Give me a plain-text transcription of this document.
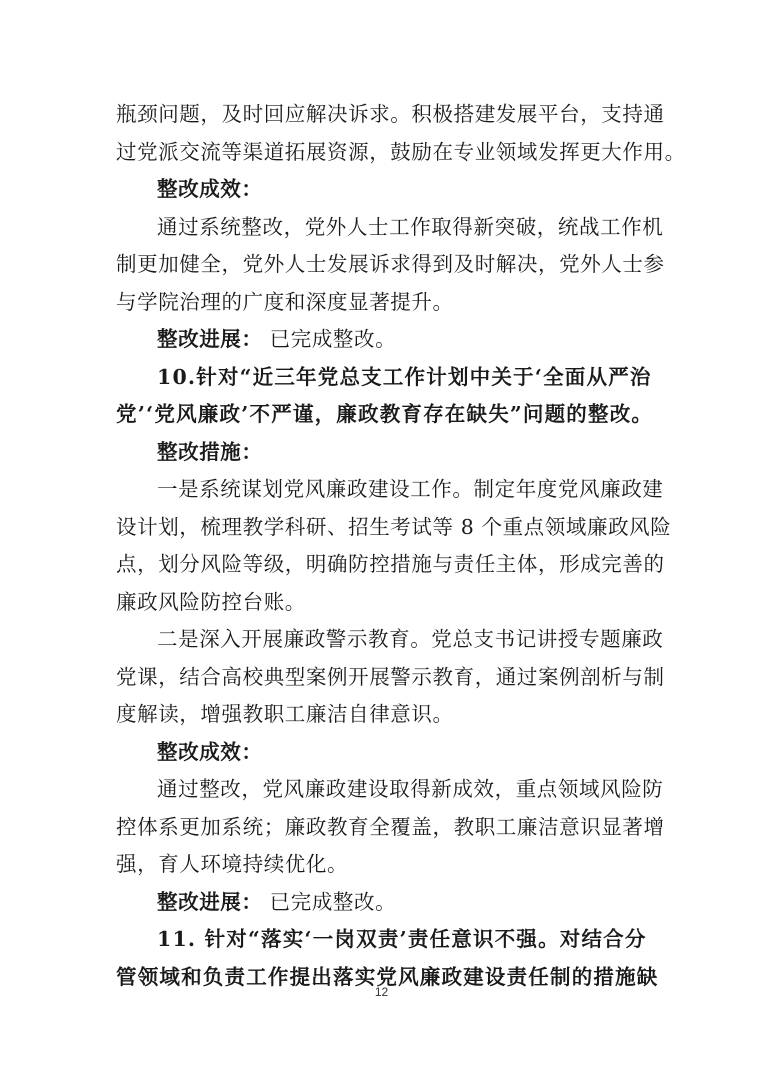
瓶颈问题，及时回应解决诉求。积极搭建发展平台，支持通
过党派交流等渠道拓展资源，鼓励在专业领域发挥更大作用。
整改成效：
通过系统整改，党外人士工作取得新突破，统战工作机
制更加健全，党外人士发展诉求得到及时解决，党外人士参
与学院治理的广度和深度显著提升。
整改进展： 已完成整改。
10.针对“近三年党总支工作计划中关于‘全面从严治
党’‘党风廉政’不严谨，廉政教育存在缺失”问题的整改。
整改措施：
一是系统谋划党风廉政建设工作。制定年度党风廉政建
设计划，梳理教学科研、招生考试等 8 个重点领域廉政风险
点，划分风险等级，明确防控措施与责任主体，形成完善的
廉政风险防控台账。
二是深入开展廉政警示教育。党总支书记讲授专题廉政
党课，结合高校典型案例开展警示教育，通过案例剖析与制
度解读，增强教职工廉洁自律意识。
整改成效：
通过整改，党风廉政建设取得新成效，重点领域风险防
控体系更加系统；廉政教育全覆盖，教职工廉洁意识显著增
强，育人环境持续优化。
整改进展： 已完成整改。
11. 针对“落实‘一岗双责’责任意识不强。对结合分
管领域和负责工作提出落实党风廉政建设责任制的措施缺
12
